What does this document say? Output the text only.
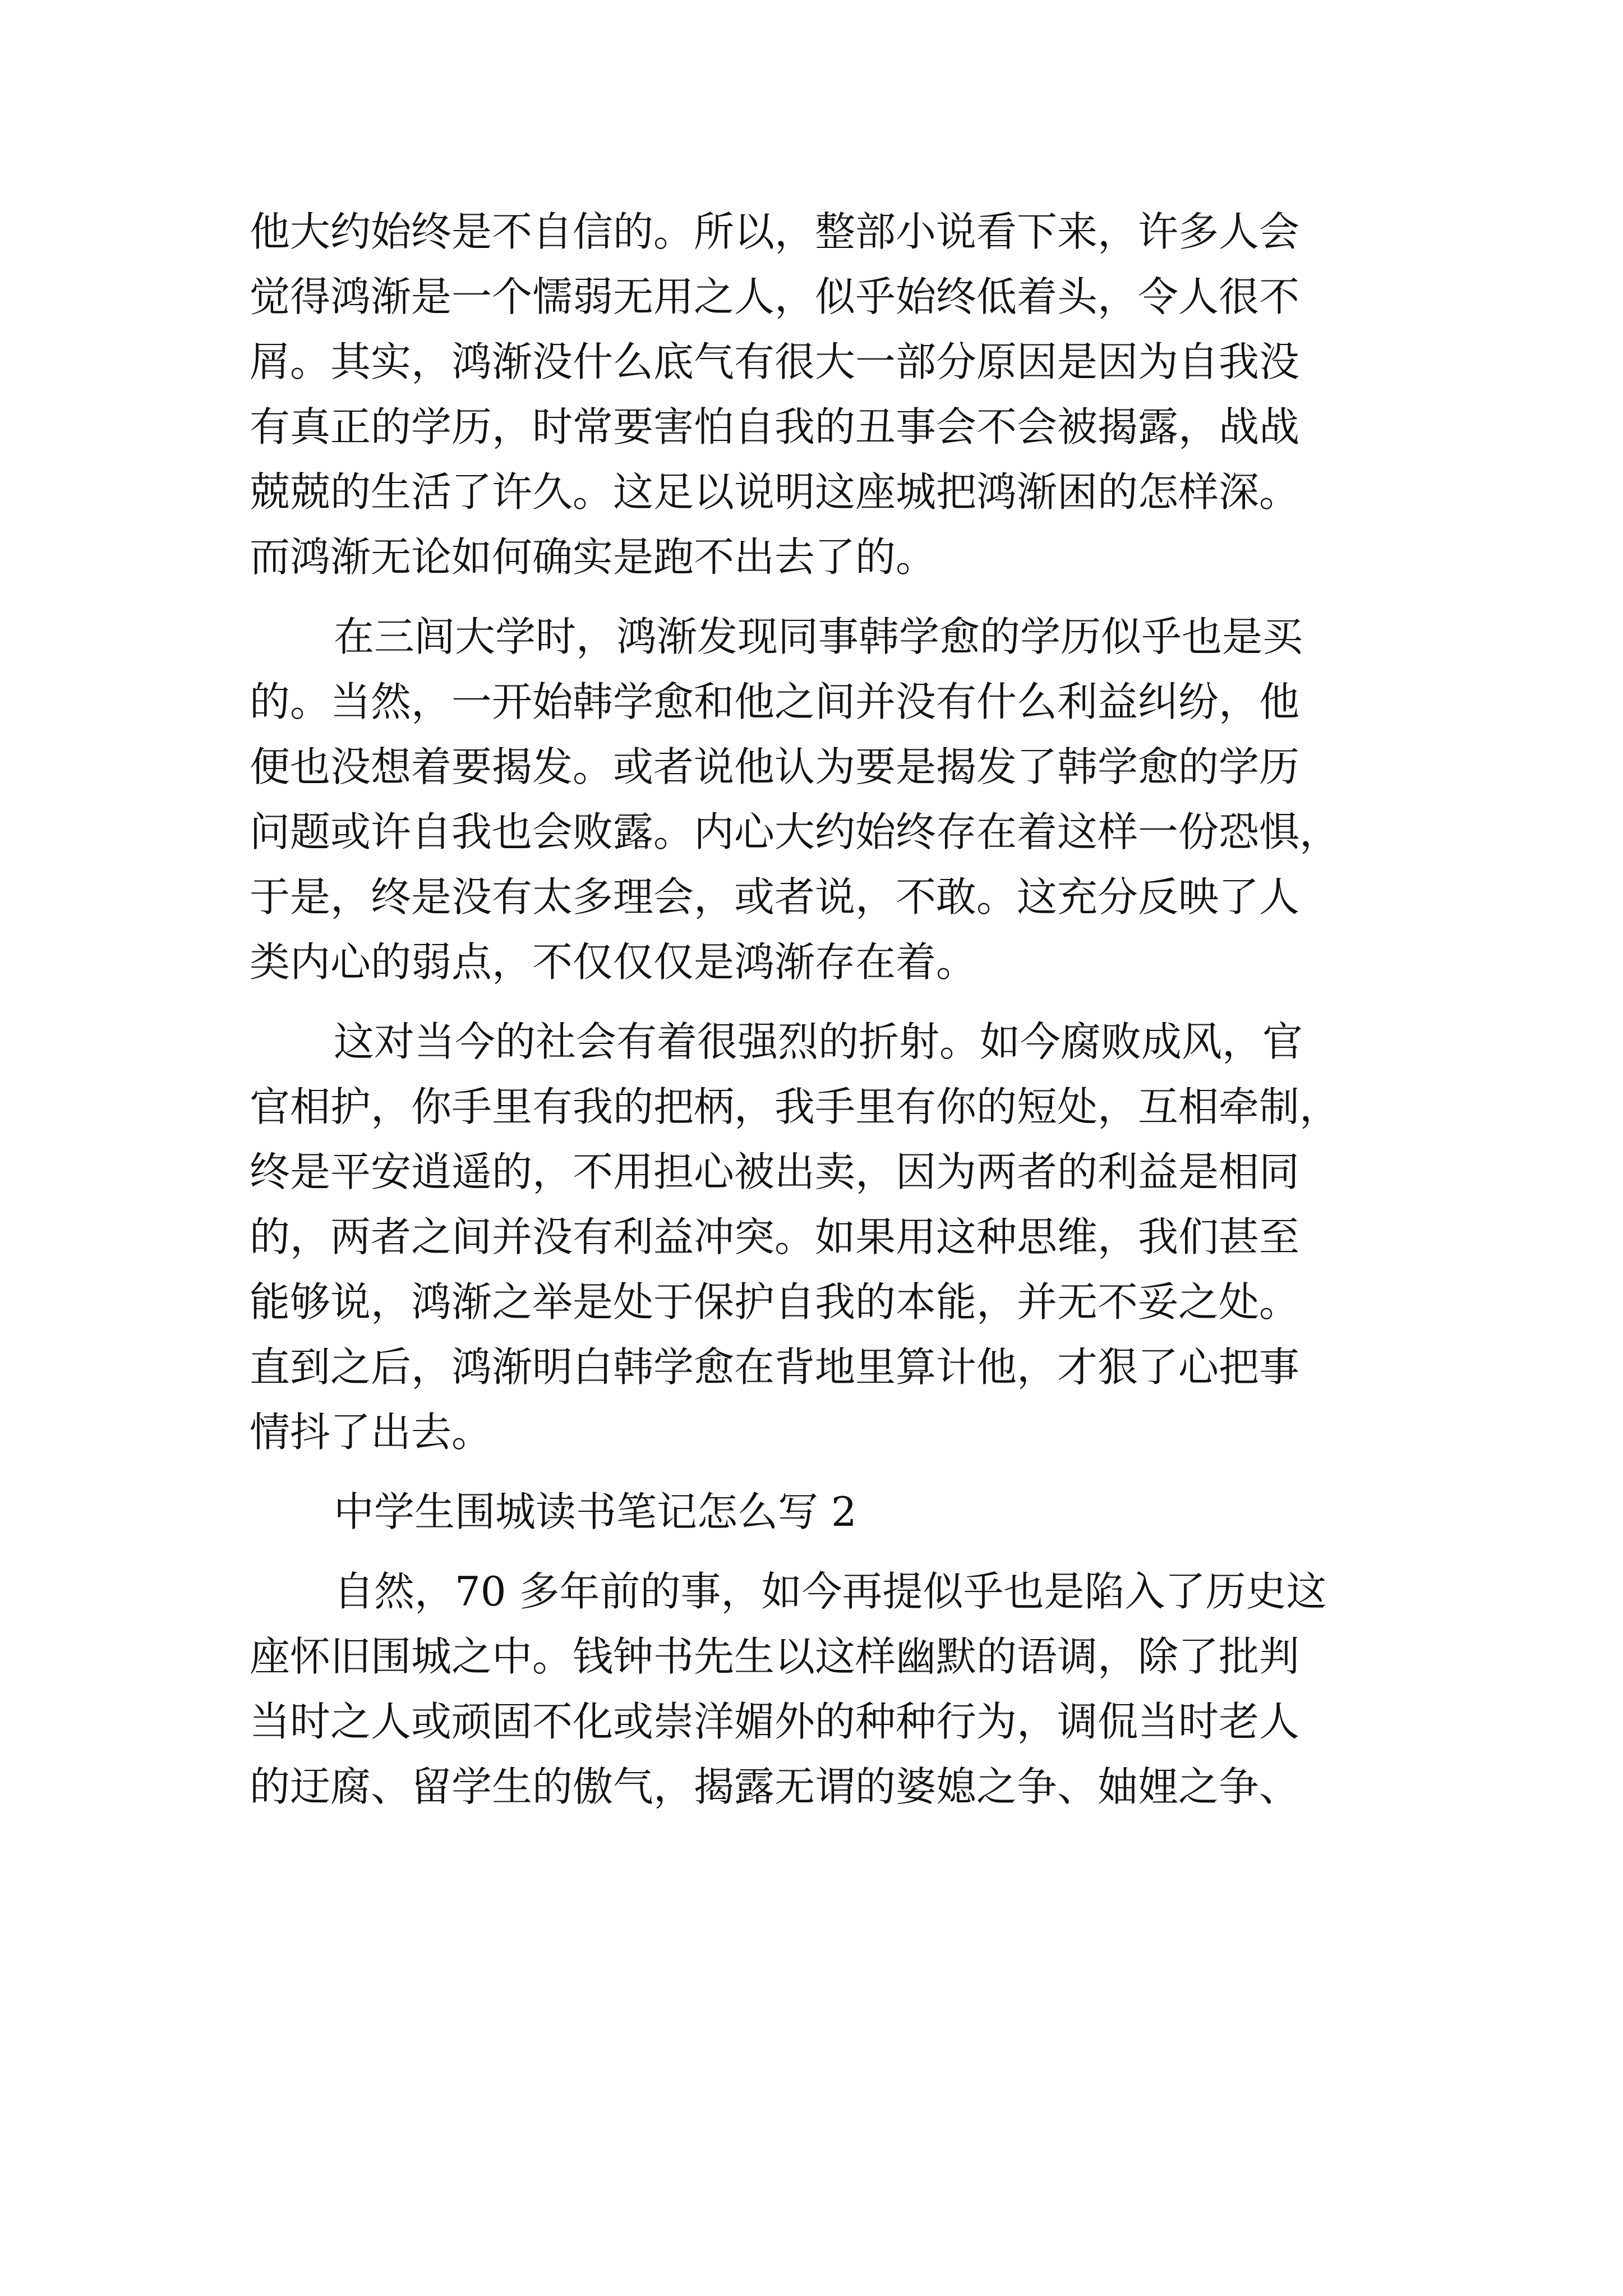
他大约始终是不自信的。所以，整部小说看下来，许多人会
觉得鸿渐是一个懦弱无用之人，似乎始终低着头，令人很不
屑。其实，鸿渐没什么底气有很大一部分原因是因为自我没
有真正的学历，时常要害怕自我的丑事会不会被揭露，战战
兢兢的生活了许久。这足以说明这座城把鸿渐困的怎样深。
而鸿渐无论如何确实是跑不出去了的。
在三闾大学时，鸿渐发现同事韩学愈的学历似乎也是买
的。当然，一开始韩学愈和他之间并没有什么利益纠纷，他
便也没想着要揭发。或者说他认为要是揭发了韩学愈的学历
问题或许自我也会败露。内心大约始终存在着这样一份恐惧，
于是，终是没有太多理会，或者说，不敢。这充分反映了人
类内心的弱点，不仅仅仅是鸿渐存在着。
这对当今的社会有着很强烈的折射。如今腐败成风，官
官相护，你手里有我的把柄，我手里有你的短处，互相牵制，
终是平安逍遥的，不用担心被出卖，因为两者的利益是相同
的，两者之间并没有利益冲突。如果用这种思维，我们甚至
能够说，鸿渐之举是处于保护自我的本能，并无不妥之处。
直到之后，鸿渐明白韩学愈在背地里算计他，才狠了心把事
情抖了出去。
中学生围城读书笔记怎么写 2
自然，70 多年前的事，如今再提似乎也是陷入了历史这
座怀旧围城之中。钱钟书先生以这样幽默的语调，除了批判
当时之人或顽固不化或崇洋媚外的种种行为，调侃当时老人
的迂腐、留学生的傲气，揭露无谓的婆媳之争、妯娌之争、
